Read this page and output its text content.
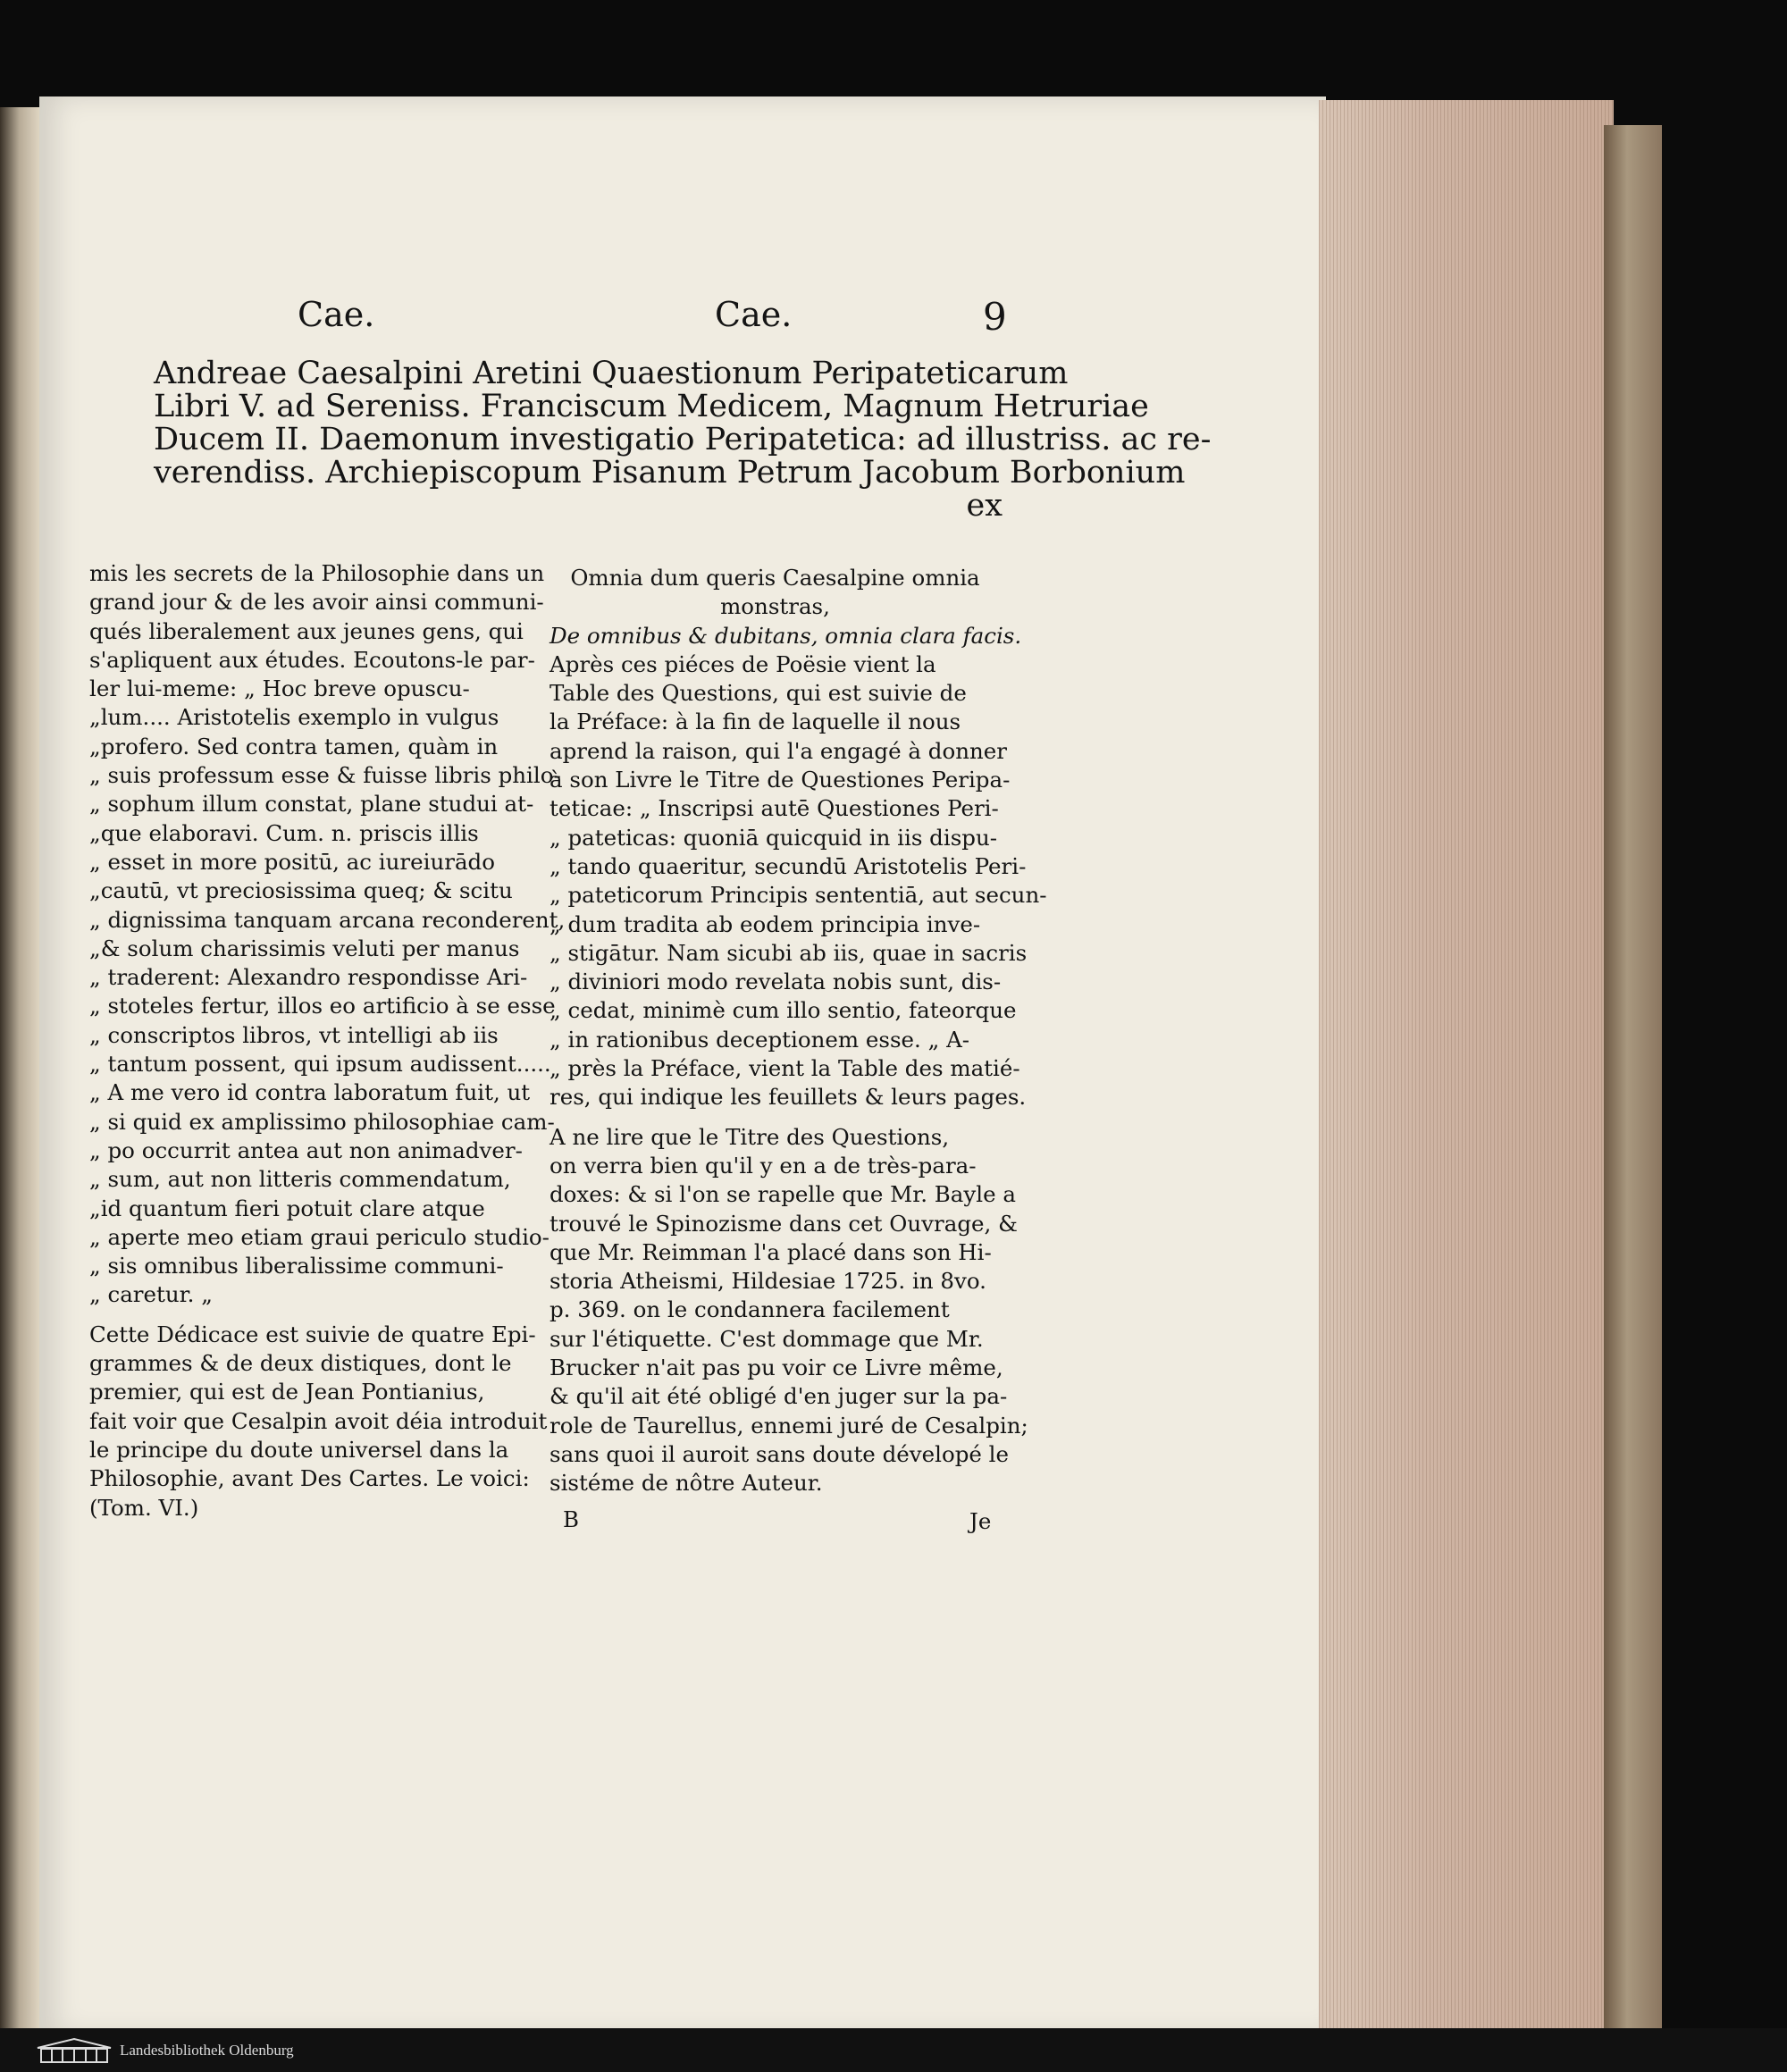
Cae.	Cae.	9
Andreae Caesalpini Aretini Quaestionum Peripateticarum
Libri V. ad Sereniss. Franciscum Medicem, Magnum Hetruriae
Ducem II. Daemonum investigatio Peripatetica: ad illustriss. ac re-
verendiss. Archiepiscopum Pisanum Petrum Jacobum Borbonium
ex
mis les secrets de la Philosophie dans un
grand jour & de les avoir ainsi communi-
qués liberalement aux jeunes gens, qui
s'apliquent aux études. Ecoutons-le par-
ler lui-meme: „ Hoc breve opuscu-
„lum.... Aristotelis exemplo in vulgus
„profero. Sed contra tamen, quàm in
„ suis professum esse & fuisse libris philo-
„ sophum illum constat, plane studui at-
„que elaboravi. Cum. n. priscis illis
„ esset in more positū, ac iureiurādo
„cautū, vt preciosissima queq; & scitu
„ dignissima tanquam arcana reconderent,
„& solum charissimis veluti per manus
„ traderent: Alexandro respondisse Ari-
„ stoteles fertur, illos eo artificio à se esse
„ conscriptos libros, vt intelligi ab iis
„ tantum possent, qui ipsum audissent.....
„ A me vero id contra laboratum fuit, ut
„ si quid ex amplissimo philosophiae cam-
„ po occurrit antea aut non animadver-
„ sum, aut non litteris commendatum,
„id quantum fieri potuit clare atque
„ aperte meo etiam graui periculo studio-
„ sis omnibus liberalissime communi-
„ caretur. „
Cette Dédicace est suivie de quatre Epi-
grammes & de deux distiques, dont le
premier, qui est de Jean Pontianius,
fait voir que Cesalpin avoit déia introduit
le principe du doute universel dans la
Philosophie, avant Des Cartes. Le voici:
(Tom. VI.)
Omnia dum queris Caesalpine omnia
monstras,
De omnibus & dubitans, omnia clara facis.
Après ces piéces de Poësie vient la
Table des Questions, qui est suivie de
la Préface: à la fin de laquelle il nous
aprend la raison, qui l'a engagé à donner
à son Livre le Titre de Questiones Peripa-
teticae: „ Inscripsi autē Questiones Peri-
„ pateticas: quoniā quicquid in iis dispu-
„ tando quaeritur, secundū Aristotelis Peri-
„ pateticorum Principis sententiā, aut secun-
„ dum tradita ab eodem principia inve-
„ stigātur. Nam sicubi ab iis, quae in sacris
„ diviniori modo revelata nobis sunt, dis-
„ cedat, minimè cum illo sentio, fateorque
„ in rationibus deceptionem esse. „ A-
„ près la Préface, vient la Table des matié-
res, qui indique les feuillets & leurs pages.
A ne lire que le Titre des Questions,
on verra bien qu'il y en a de très-para-
doxes: & si l'on se rapelle que Mr. Bayle a
trouvé le Spinozisme dans cet Ouvrage, &
que Mr. Reimman l'a placé dans son Hi-
storia Atheismi, Hildesiae 1725. in 8vo.
p. 369. on le condannera facilement
sur l'étiquette. C'est dommage que Mr.
Brucker n'ait pas pu voir ce Livre même,
& qu'il ait été obligé d'en juger sur la pa-
role de Taurellus, ennemi juré de Cesalpin;
sans quoi il auroit sans doute dévelopé le
sistéme de nôtre Auteur.
B	Je
Landesbibliothek Oldenburg
